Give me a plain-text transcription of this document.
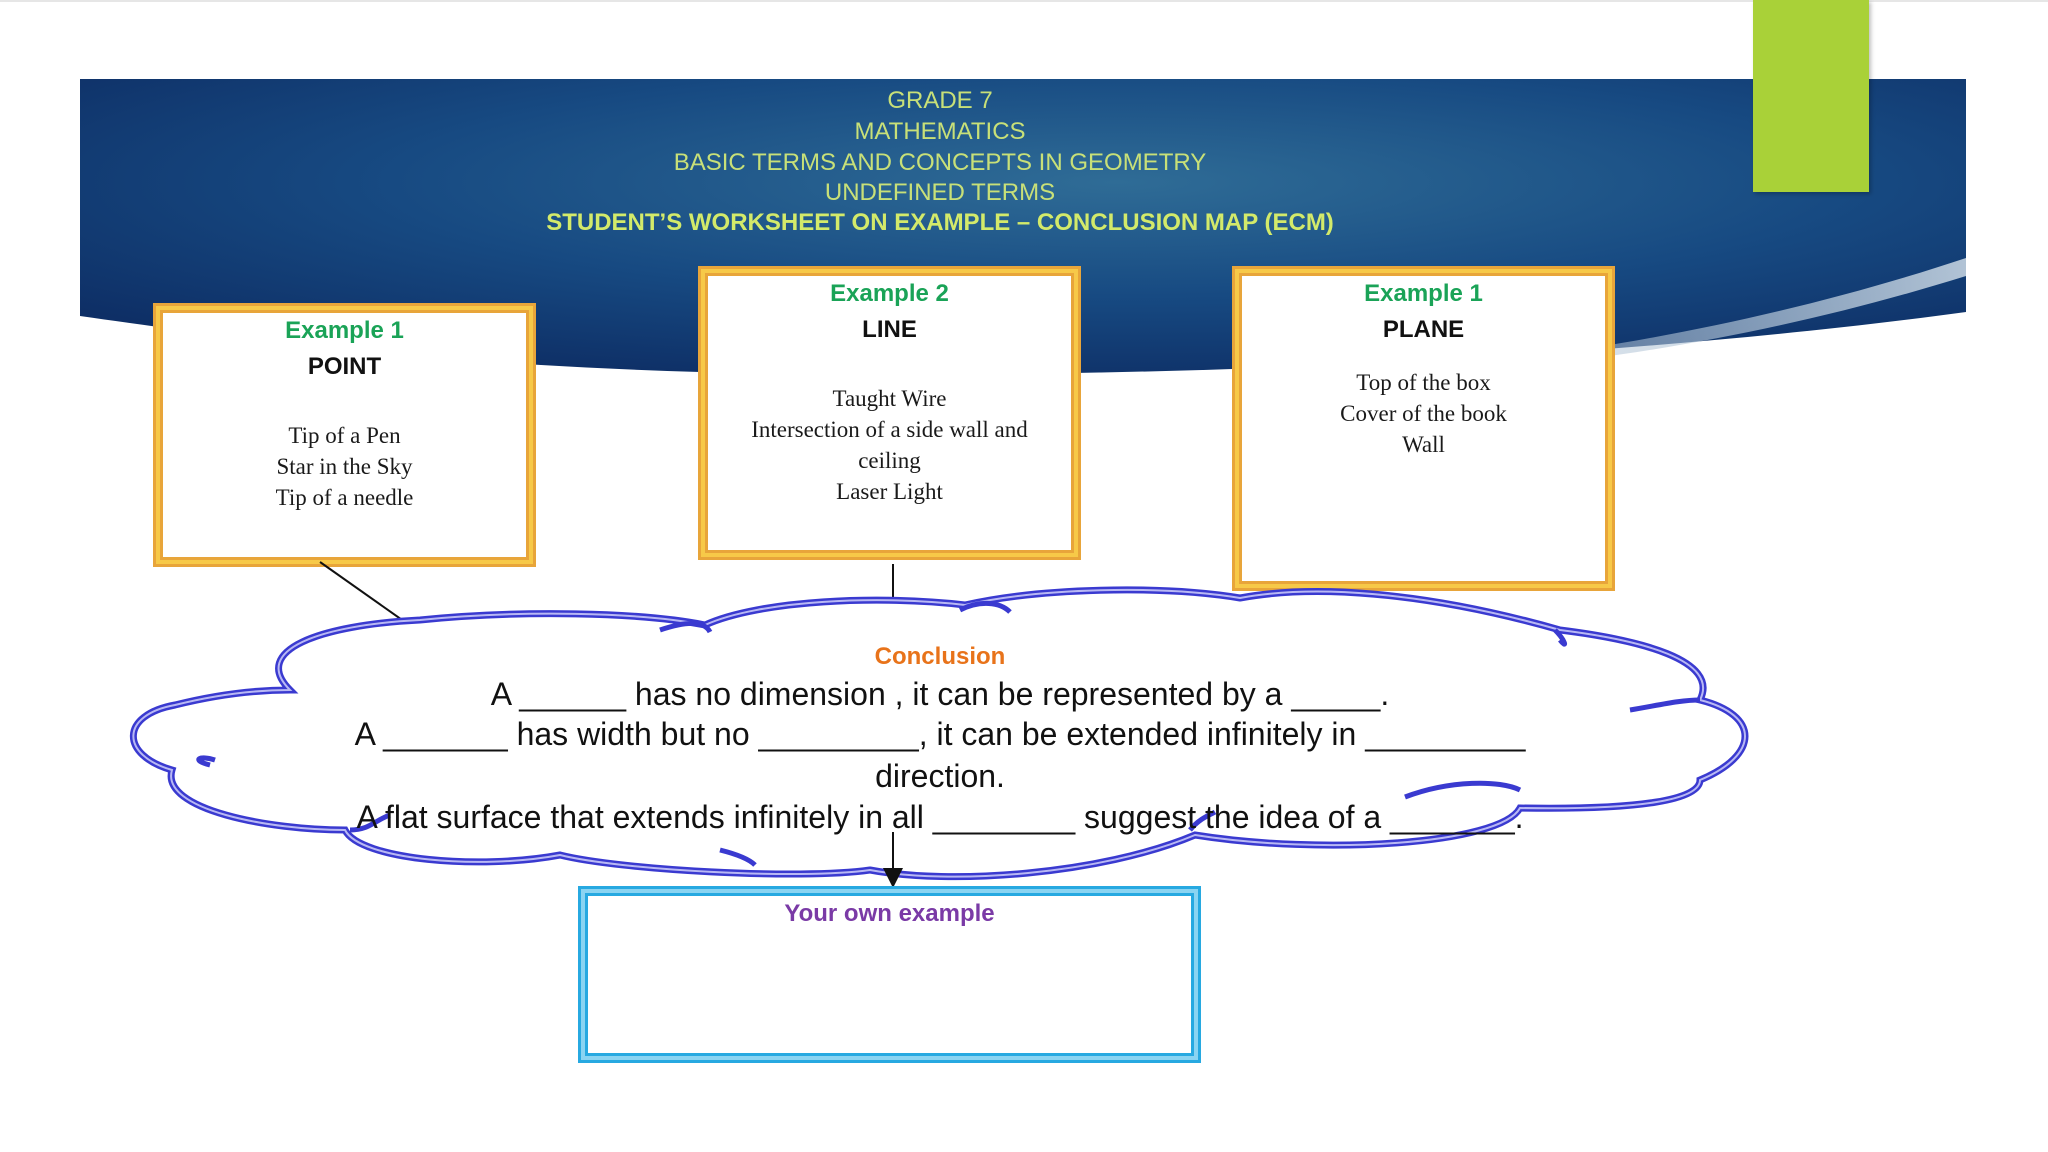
GRADE 7
MATHEMATICS
BASIC TERMS AND CONCEPTS IN GEOMETRY
UNDEFINED TERMS
STUDENT’S WORKSHEET ON EXAMPLE – CONCLUSION MAP (ECM)
Example 1
POINT
Tip of a Pen
Star in the Sky
Tip of a needle
Example 2
LINE
Taught Wire
Intersection of a side wall and
ceiling
Laser Light
Example 1
PLANE
Top of the box
Cover of the book
Wall
Conclusion
A ______ has no dimension , it can be represented by a _____.
A _______ has width but no _________, it can be extended infinitely in _________
direction.
A flat surface that extends infinitely in all ________ suggest the idea of a _______.
Your own example
